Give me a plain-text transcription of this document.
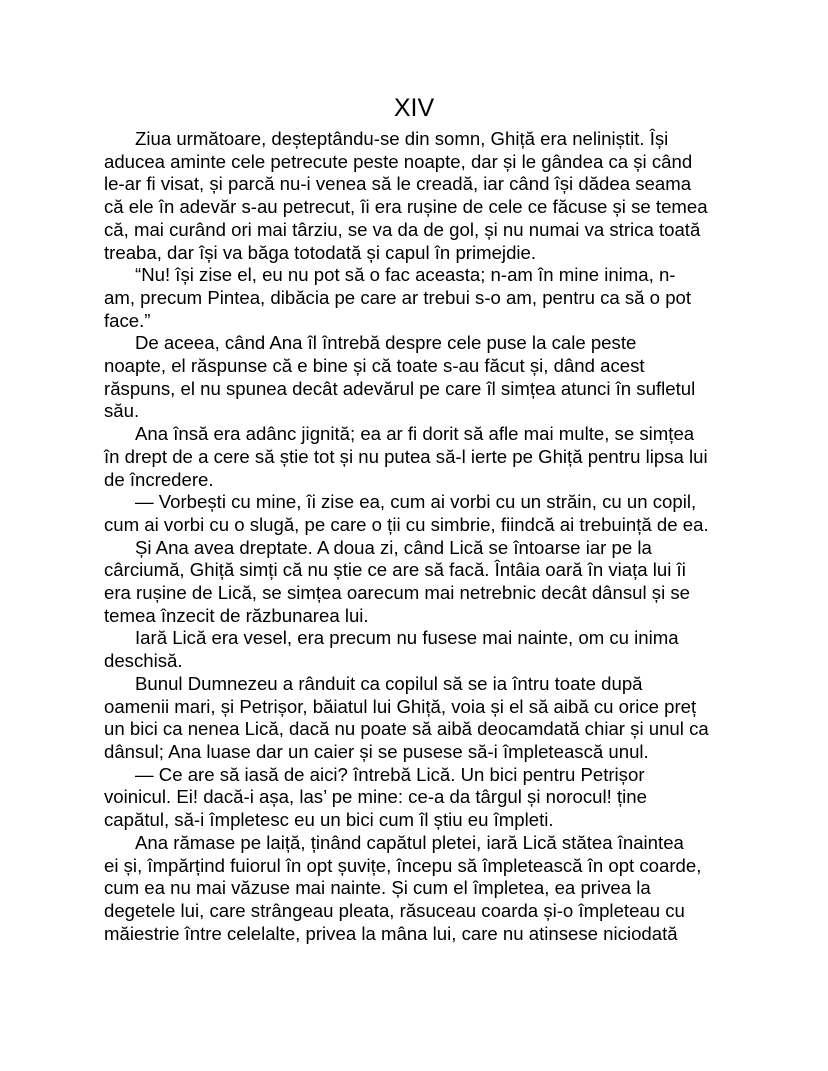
XIV
Ziua următoare, deșteptându-se din somn, Ghiță era neliniștit. Își
aducea aminte cele petrecute peste noapte, dar și le gândea ca și când
le-ar fi visat, și parcă nu-i venea să le creadă, iar când își dădea seama
că ele în adevăr s-au petrecut, îi era rușine de cele ce făcuse și se temea
că, mai curând ori mai târziu, se va da de gol, și nu numai va strica toată
treaba, dar își va băga totodată și capul în primejdie.
“Nu! își zise el, eu nu pot să o fac aceasta; n-am în mine inima, n-
am, precum Pintea, dibăcia pe care ar trebui s-o am, pentru ca să o pot
face.”
De aceea, când Ana îl întrebă despre cele puse la cale peste
noapte, el răspunse că e bine și că toate s-au făcut și, dând acest
răspuns, el nu spunea decât adevărul pe care îl simțea atunci în sufletul
său.
Ana însă era adânc jignită; ea ar fi dorit să afle mai multe, se simțea
în drept de a cere să știe tot și nu putea să-l ierte pe Ghiță pentru lipsa lui
de încredere.
— Vorbești cu mine, îi zise ea, cum ai vorbi cu un străin, cu un copil,
cum ai vorbi cu o slugă, pe care o ții cu simbrie, fiindcă ai trebuință de ea.
Și Ana avea dreptate. A doua zi, când Lică se întoarse iar pe la
cârciumă, Ghiță simți că nu știe ce are să facă. Întâia oară în viața lui îi
era rușine de Lică, se simțea oarecum mai netrebnic decât dânsul și se
temea înzecit de răzbunarea lui.
Iară Lică era vesel, era precum nu fusese mai nainte, om cu inima
deschisă.
Bunul Dumnezeu a rânduit ca copilul să se ia întru toate după
oamenii mari, și Petrișor, băiatul lui Ghiță, voia și el să aibă cu orice preț
un bici ca nenea Lică, dacă nu poate să aibă deocamdată chiar și unul ca
dânsul; Ana luase dar un caier și se pusese să-i împletească unul.
— Ce are să iasă de aici? întrebă Lică. Un bici pentru Petrișor
voinicul. Ei! dacă-i așa, las’ pe mine: ce-a da târgul și norocul! ține
capătul, să-i împletesc eu un bici cum îl știu eu împleti.
Ana rămase pe laiță, ținând capătul pletei, iară Lică stătea înaintea
ei și, împărțind fuiorul în opt șuvițe, începu să împletească în opt coarde,
cum ea nu mai văzuse mai nainte. Și cum el împletea, ea privea la
degetele lui, care strângeau pleata, răsuceau coarda și-o împleteau cu
măiestrie între celelalte, privea la mâna lui, care nu atinsese niciodată
